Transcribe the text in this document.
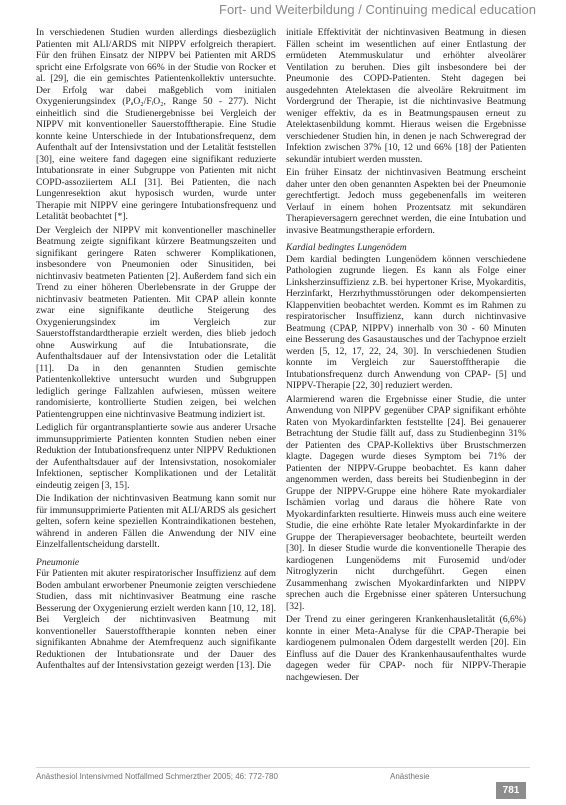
Fort- und Weiterbildung / Continuing medical education

In verschiedenen Studien wurden allerdings diesbezüglich Patienten mit ALI/ARDS mit NIPPV erfolgreich therapiert. Für den frühen Einsatz der NIPPV bei Patienten mit ARDS spricht eine Erfolgsrate von 66% in der Studie von Rocker et al. [29], die ein gemischtes Patientenkollektiv untersuchte. Der Erfolg war dabei maßgeblich vom initialen Oxygenierungsindex (PₐO₂/FᵢO₂, Range 50 - 277). Nicht einheitlich sind die Studienergebnisse bei Vergleich der NIPPV mit konventioneller Sauerstofftherapie. Eine Studie konnte keine Unterschiede in der Intubationsfrequenz, dem Aufenthalt auf der Intensivstation und der Letalität feststellen [30], eine weitere fand dagegen eine signifikant reduzierte Intubationsrate in einer Subgruppe von Patienten mit nicht COPD-assoziiertem ALI [31]. Bei Patienten, die nach Lungenresektion akut hyposisch wurden, wurde unter Therapie mit NIPPV eine geringere Intubationsfrequenz und Letalität beobachtet [*].

Der Vergleich der NIPPV mit konventioneller maschineller Beatmung zeigte signifikant kürzere Beatmungszeiten und signifikant geringere Raten schwerer Komplikationen, insbesondere von Pneumonien oder Sinusitiden, bei nichtinvasiv beatmeten Patienten [2]. Außerdem fand sich ein Trend zu einer höheren Überlebensrate in der Gruppe der nichtinvasiv beatmeten Patienten. Mit CPAP allein konnte zwar eine signifikante deutliche Steigerung des Oxygenierungsindex im Vergleich zur Sauerstoffstandardtherapie erzielt werden, dies blieb jedoch ohne Auswirkung auf die Intubationsrate, die Aufenthaltsdauer auf der Intensivstation oder die Letalität [11]. Da in den genannten Studien gemischte Patientenkollektive untersucht wurden und Subgruppen lediglich geringe Fallzahlen aufwiesen, müssen weitere randomisierte, kontrollierte Studien zeigen, bei welchen Patientengruppen eine nichtinvasive Beatmung indiziert ist.

Lediglich für organtransplantierte sowie aus anderer Ursache immunsupprimierte Patienten konnten Studien neben einer Reduktion der Intubationsfrequenz unter NIPPV Reduktionen der Aufenthaltsdauer auf der Intensivstation, nosokomialer Infektionen, septischer Komplikationen und der Letalität eindeutig zeigen [3, 15].

Die Indikation der nichtinvasiven Beatmung kann somit nur für immunsupprimierte Patienten mit ALI/ARDS als gesichert gelten, sofern keine speziellen Kontraindikationen bestehen, während in anderen Fällen die Anwendung der NIV eine Einzelfallentscheidung darstellt.

Pneumonie

Für Patienten mit akuter respiratorischer Insuffizienz auf dem Boden ambulant erworbener Pneumonie zeigten verschiedene Studien, dass mit nichtinvasiver Beatmung eine rasche Besserung der Oxygenierung erzielt werden kann [10, 12, 18]. Bei Vergleich der nichtinvasiven Beatmung mit konventioneller Sauerstofftherapie konnten neben einer signifikanten Abnahme der Atemfrequenz auch signifikante Reduktionen der Intubationsrate und der Dauer des Aufenthaltes auf der Intensivstation gezeigt werden [13]. Die

initiale Effektivität der nichtinvasiven Beatmung in diesen Fällen scheint im wesentlichen auf einer Entlastung der ermüdeten Atemmuskulatur und erhöhter alveolärer Ventilation zu beruhen. Dies gilt insbesondere bei der Pneumonie des COPD-Patienten. Steht dagegen bei ausgedehnten Atelektasen die alveoläre Rekruitment im Vordergrund der Therapie, ist die nichtinvasive Beatmung weniger effektiv, da es in Beatmungspausen erneut zu Atelektasenbildung kommt. Hieraus weisen die Ergebnisse verschiedener Studien hin, in denen je nach Schweregrad der Infektion zwischen 37% [10, 12 und 66% [18] der Patienten sekundär intubiert werden mussten.

Ein früher Einsatz der nichtinvasiven Beatmung erscheint daher unter den oben genannten Aspekten bei der Pneumonie gerechtfertigt. Jedoch muss gegebenenfalls im weiteren Verlauf in einem hohen Prozentsatz mit sekundären Therapieversagern gerechnet werden, die eine Intubation und invasive Beatmungstherapie erfordern.

Kardial bedingtes Lungenödem

Dem kardial bedingten Lungenödem können verschiedene Pathologien zugrunde liegen. Es kann als Folge einer Linksherzinsuffizienz z.B. bei hypertoner Krise, Myokarditis, Herzinfarkt, Herzrhythmusstörungen oder dekompensierten Klappenvitien beobachtet werden. Kommt es im Rahmen zu respiratorischer Insuffizienz, kann durch nichtinvasive Beatmung (CPAP, NIPPV) innerhalb von 30 - 60 Minuten eine Besserung des Gasaustausches und der Tachypnoe erzielt werden [5, 12, 17, 22, 24, 30]. In verschiedenen Studien konnte im Vergleich zur Sauerstofftherapie die Intubationsfrequenz durch Anwendung von CPAP- [5] und NIPPV-Therapie [22, 30] reduziert werden.

Alarmierend waren die Ergebnisse einer Studie, die unter Anwendung von NIPPV gegenüber CPAP signifikant erhöhte Raten von Myokardinfarkten feststellte [24]. Bei genauerer Betrachtung der Studie fällt auf, dass zu Studienbeginn 31% der Patienten des CPAP-Kollektivs über Brustschmerzen klagte. Dagegen wurde dieses Symptom bei 71% der Patienten der NIPPV-Gruppe beobachtet. Es kann daher angenommen werden, dass bereits bei Studienbeginn in der Gruppe der NIPPV-Gruppe eine höhere Rate myokardialer Ischämien vorlag und daraus die höhere Rate von Myokardinfarkten resultierte. Hinweis muss auch eine weitere Studie, die eine erhöhte Rate letaler Myokardinfarkte in der Gruppe der Therapieversager beobachtete, beurteilt werden [30]. In dieser Studie wurde die konventionelle Therapie des kardiogenen Lungenödems mit Furosemid und/oder Nitroglyzerin nicht durchgeführt. Gegen einen Zusammenhang zwischen Myokardinfarkten und NIPPV sprechen auch die Ergebnisse einer späteren Untersuchung [32].

Der Trend zu einer geringeren Krankenhausletalität (6,6%) konnte in einer Meta-Analyse für die CPAP-Therapie bei kardiogenem pulmonalen Ödem dargestellt werden [20]. Ein Einfluss auf die Dauer des Krankenhausaufenthaltes wurde dagegen weder für CPAP- noch für NIPPV-Therapie nachgewiesen. Der

Anästhesiol Intensivmed Notfallmed Schmerzther 2005; 46: 772-780	Anästhesie
781
